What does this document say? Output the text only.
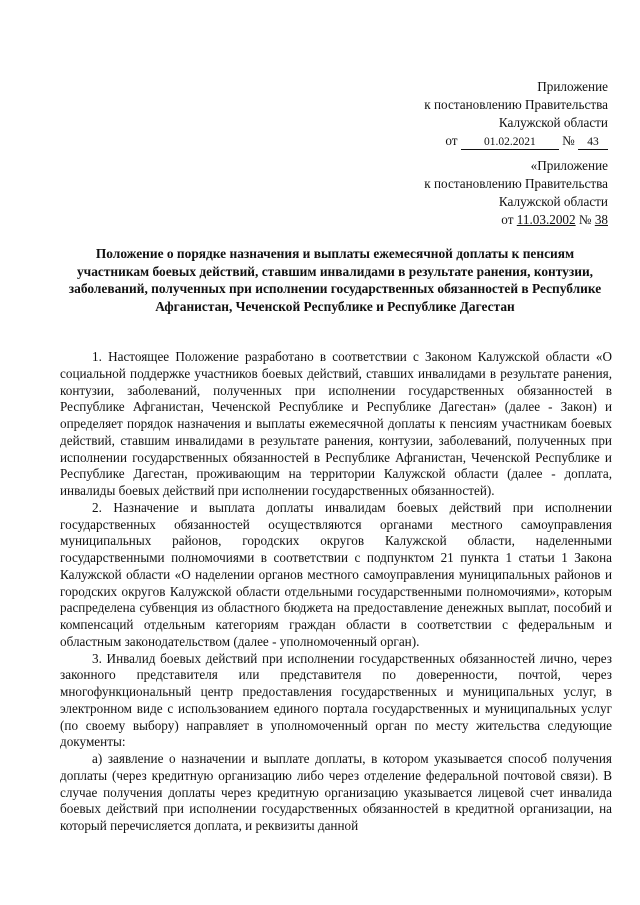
Приложение
к постановлению Правительства
Калужской области
от 01.02.2021 № 43
«Приложение
к постановлению Правительства
Калужской области
от 11.03.2002 № 38
Положение о порядке назначения и выплаты ежемесячной доплаты к пенсиям участникам боевых действий, ставшим инвалидами в результате ранения, контузии, заболеваний, полученных при исполнении государственных обязанностей в Республике Афганистан, Чеченской Республике и Республике Дагестан

1. Настоящее Положение разработано в соответствии с Законом Калужской области «О социальной поддержке участников боевых действий, ставших инвалидами в результате ранения, контузии, заболеваний, полученных при исполнении государственных обязанностей в Республике Афганистан, Чеченской Республике и Республике Дагестан» (далее - Закон) и определяет порядок назначения и выплаты ежемесячной доплаты к пенсиям участникам боевых действий, ставшим инвалидами в результате ранения, контузии, заболеваний, полученных при исполнении государственных обязанностей в Республике Афганистан, Чеченской Республике и Республике Дагестан, проживающим на территории Калужской области (далее - доплата, инвалиды боевых действий при исполнении государственных обязанностей).

2. Назначение и выплата доплаты инвалидам боевых действий при исполнении государственных обязанностей осуществляются органами местного самоуправления муниципальных районов, городских округов Калужской области, наделенными государственными полномочиями в соответствии с подпунктом 21 пункта 1 статьи 1 Закона Калужской области «О наделении органов местного самоуправления муниципальных районов и городских округов Калужской области отдельными государственными полномочиями», которым распределена субвенция из областного бюджета на предоставление денежных выплат, пособий и компенсаций отдельным категориям граждан области в соответствии с федеральным и областным законодательством (далее - уполномоченный орган).

3. Инвалид боевых действий при исполнении государственных обязанностей лично, через законного представителя или представителя по доверенности, почтой, через многофункциональный центр предоставления государственных и муниципальных услуг, в электронном виде с использованием единого портала государственных и муниципальных услуг (по своему выбору) направляет в уполномоченный орган по месту жительства следующие документы:

а) заявление о назначении и выплате доплаты, в котором указывается способ получения доплаты (через кредитную организацию либо через отделение федеральной почтовой связи). В случае получения доплаты через кредитную организацию указывается лицевой счет инвалида боевых действий при исполнении государственных обязанностей в кредитной организации, на который перечисляется доплата, и реквизиты данной
